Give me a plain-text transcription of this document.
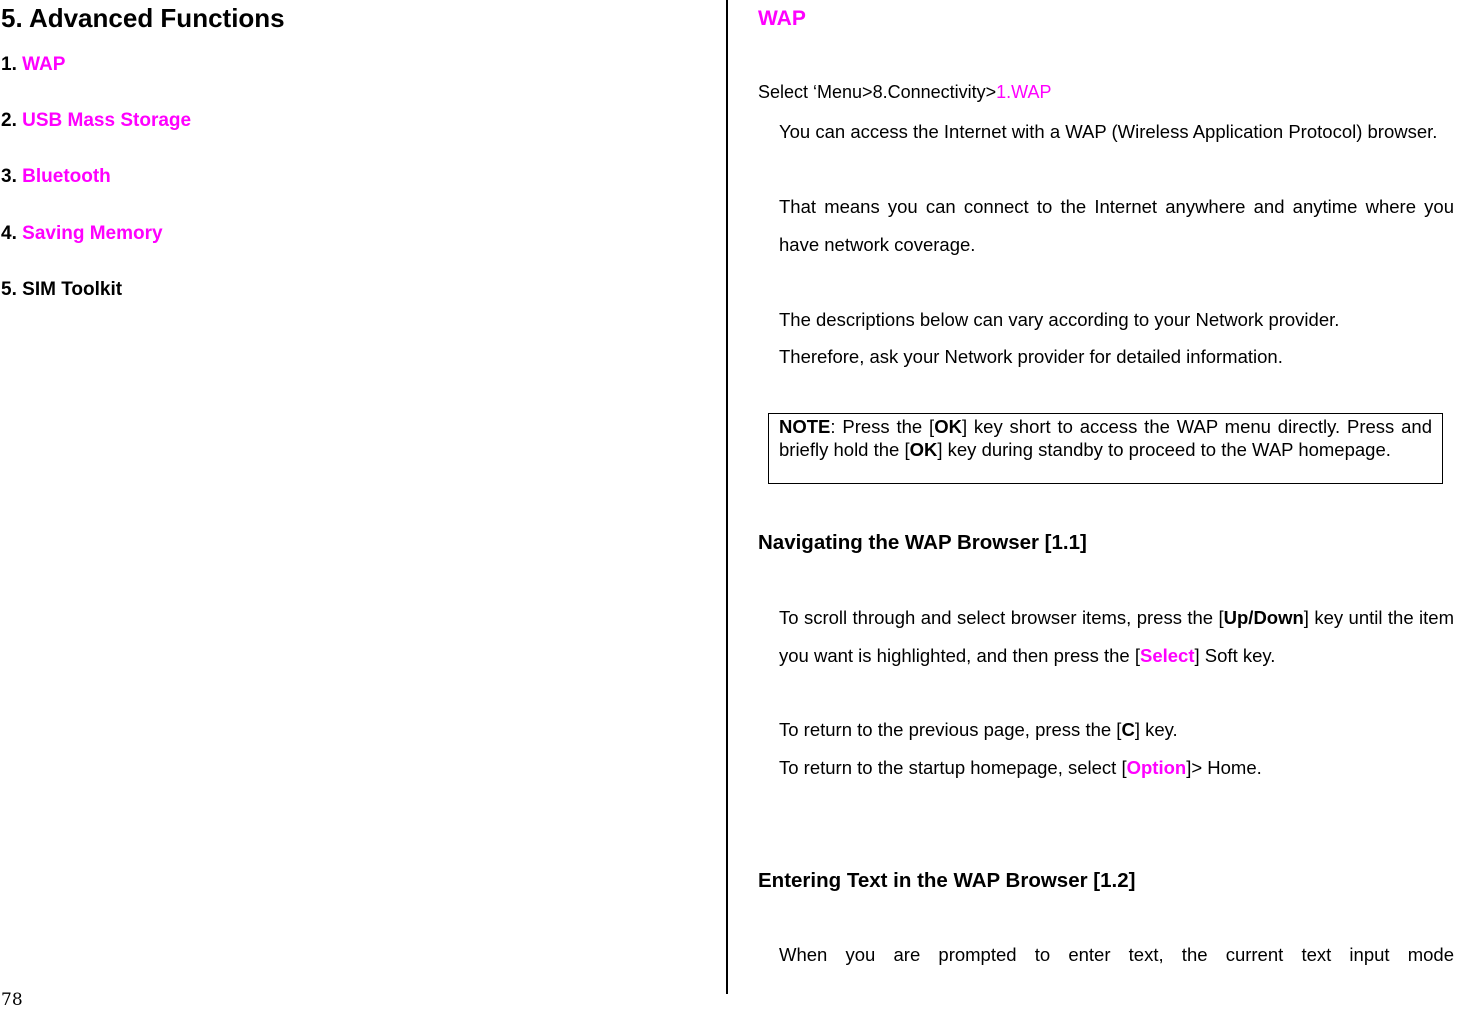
5. Advanced Functions
1. WAP
2. USB Mass Storage
3. Bluetooth
4. Saving Memory
5. SIM Toolkit
78
WAP
Select ‘Menu>8.Connectivity>1.WAP
You can access the Internet with a WAP (Wireless Application Protocol) browser.
That means you can connect to the Internet anywhere and anytime where you have network coverage.
The descriptions below can vary according to your Network provider.
Therefore, ask your Network provider for detailed information.
NOTE: Press the [OK] key short to access the WAP menu directly. Press and briefly hold the [OK] key during standby to proceed to the WAP homepage.
Navigating the WAP Browser [1.1]
To scroll through and select browser items, press the [Up/Down] key until the item you want is highlighted, and then press the [Select] Soft key.
To return to the previous page, press the [C] key.
To return to the startup homepage, select [Option]> Home.
Entering Text in the WAP Browser [1.2]
When you are prompted to enter text, the current text input mode
